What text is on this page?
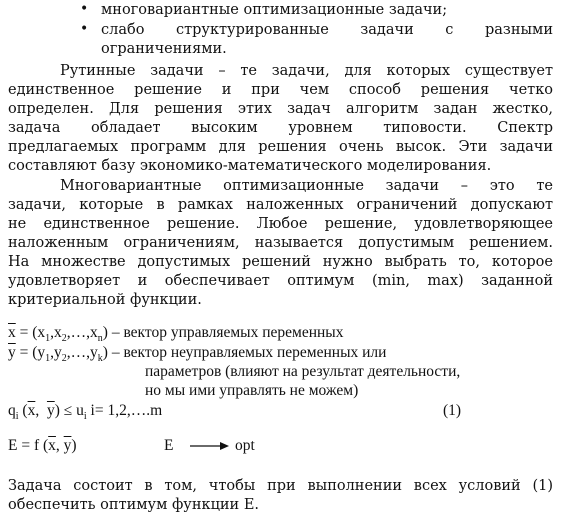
• многовариантные оптимизационные задачи;
• слабо структурированные задачи с разными
ограничениями.
Рутинные задачи – те задачи, для которых существует
единственное решение и при чем способ решения четко
определен. Для решения этих задач алгоритм задан жестко,
задача обладает высоким уровнем типовости. Спектр
предлагаемых программ для решения очень высок. Эти задачи
составляют базу экономико-математического моделирования.
Многовариантные оптимизационные задачи – это те
задачи, которые в рамках наложенных ограничений допускают
не единственное решение. Любое решение, удовлетворяющее
наложенным ограничениям, называется допустимым решением.
На множестве допустимых решений нужно выбрать то, которое
удовлетворяет и обеспечивает оптимум (min, max) заданной
критериальной функции.
$\overline{x}$ = $(x_1,x_2,\dots,x_n)$ – вектор управляемых переменных
$\overline{y}$ = $(y_1,y_2,\dots,y_k)$ – вектор неуправляемых переменных или
параметров (влияют на результат деятельности,
но мы ими управлять не можем)
$q_i$ ($\overline{x}$,  $\overline{y}) \le u_i$ i= 1,2,….m	(1)
E = f ($\overline{x}$, $\overline{y}$)	E	opt
Задача состоит в том, чтобы при выполнении всех условий (1)
обеспечить оптимум функции Е.
